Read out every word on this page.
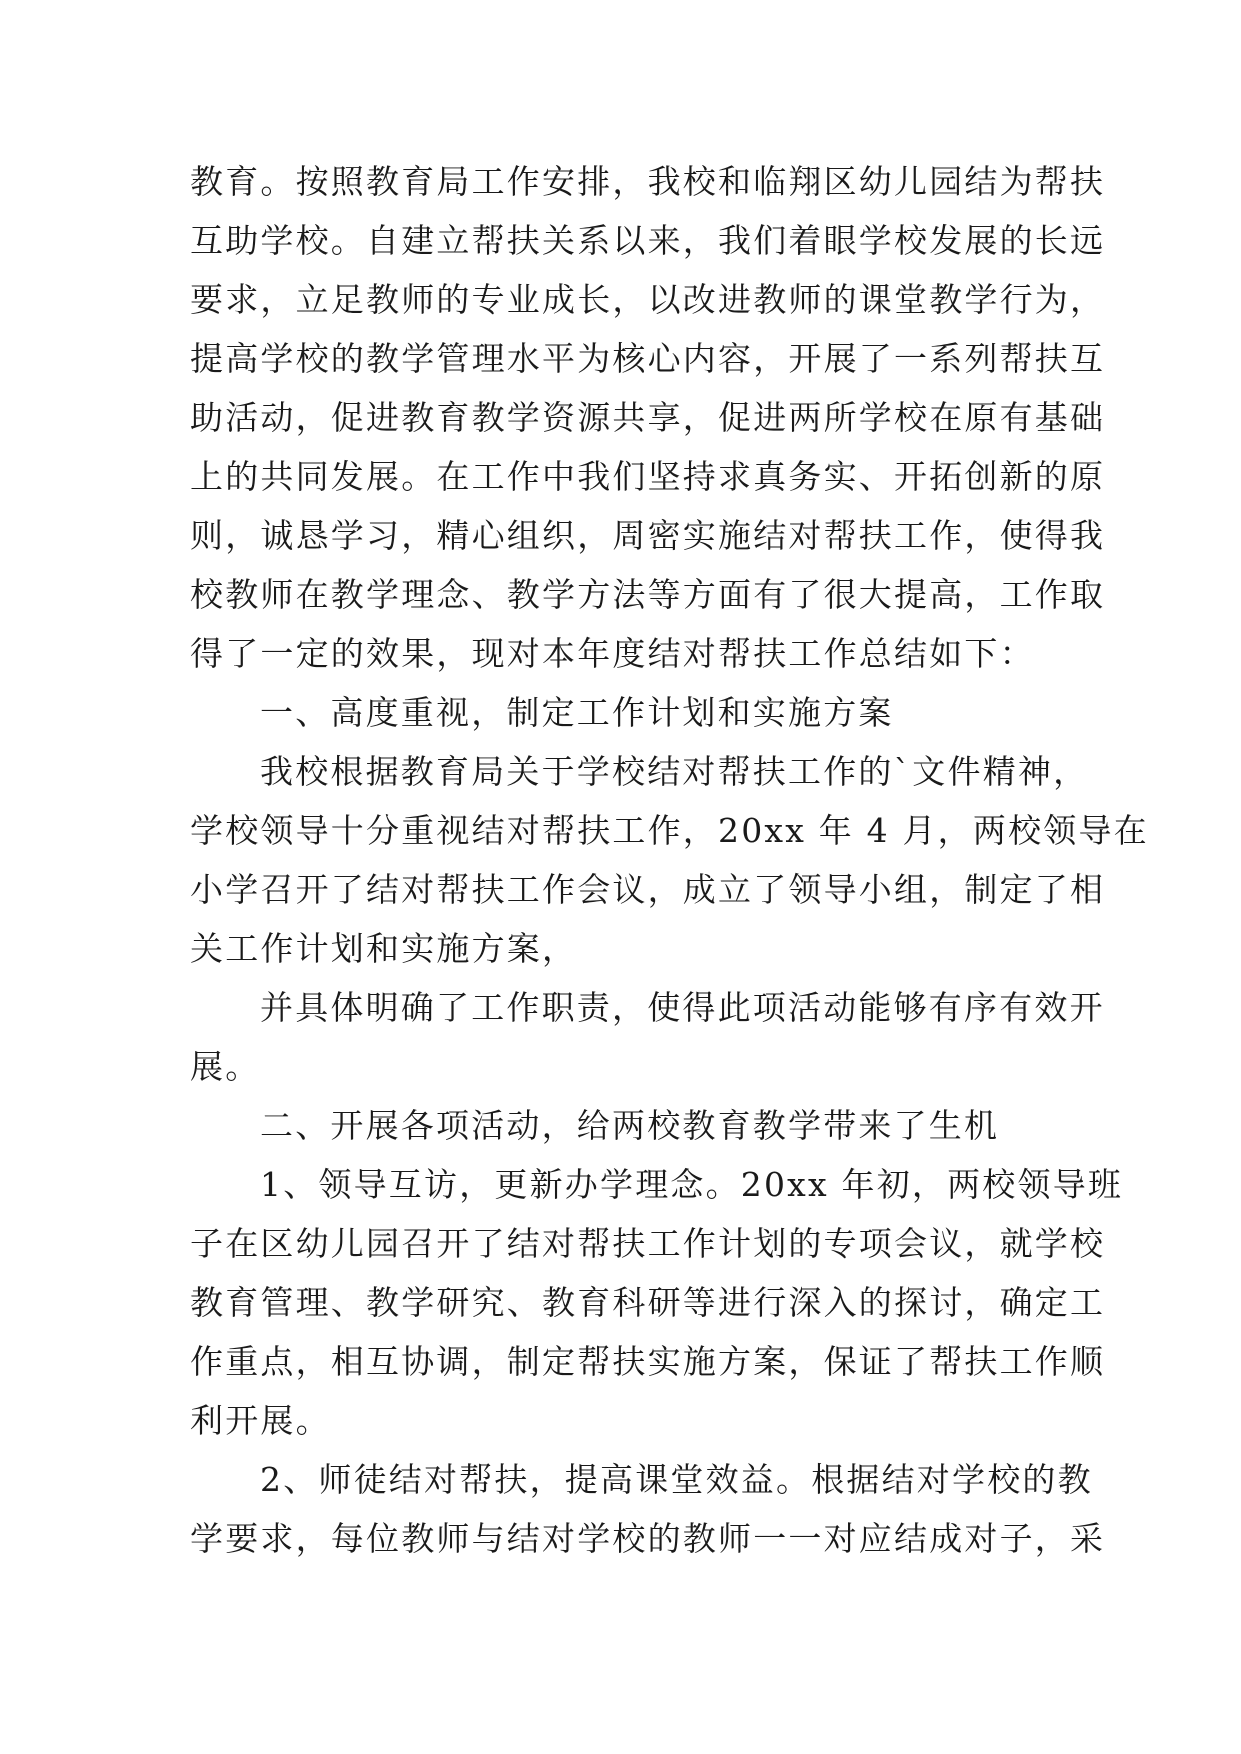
教育。按照教育局工作安排，我校和临翔区幼儿园结为帮扶
互助学校。自建立帮扶关系以来，我们着眼学校发展的长远
要求，立足教师的专业成长，以改进教师的课堂教学行为，
提高学校的教学管理水平为核心内容，开展了一系列帮扶互
助活动，促进教育教学资源共享，促进两所学校在原有基础
上的共同发展。在工作中我们坚持求真务实、开拓创新的原
则，诚恳学习，精心组织，周密实施结对帮扶工作，使得我
校教师在教学理念、教学方法等方面有了很大提高，工作取
得了一定的效果，现对本年度结对帮扶工作总结如下：
一、高度重视，制定工作计划和实施方案
我校根据教育局关于学校结对帮扶工作的`文件精神，
学校领导十分重视结对帮扶工作，20xx 年 4 月，两校领导在
小学召开了结对帮扶工作会议，成立了领导小组，制定了相
关工作计划和实施方案，
并具体明确了工作职责，使得此项活动能够有序有效开
展。
二、开展各项活动，给两校教育教学带来了生机
1、领导互访，更新办学理念。20xx 年初，两校领导班
子在区幼儿园召开了结对帮扶工作计划的专项会议，就学校
教育管理、教学研究、教育科研等进行深入的探讨，确定工
作重点，相互协调，制定帮扶实施方案，保证了帮扶工作顺
利开展。
2、师徒结对帮扶，提高课堂效益。根据结对学校的教
学要求，每位教师与结对学校的教师一一对应结成对子，采
